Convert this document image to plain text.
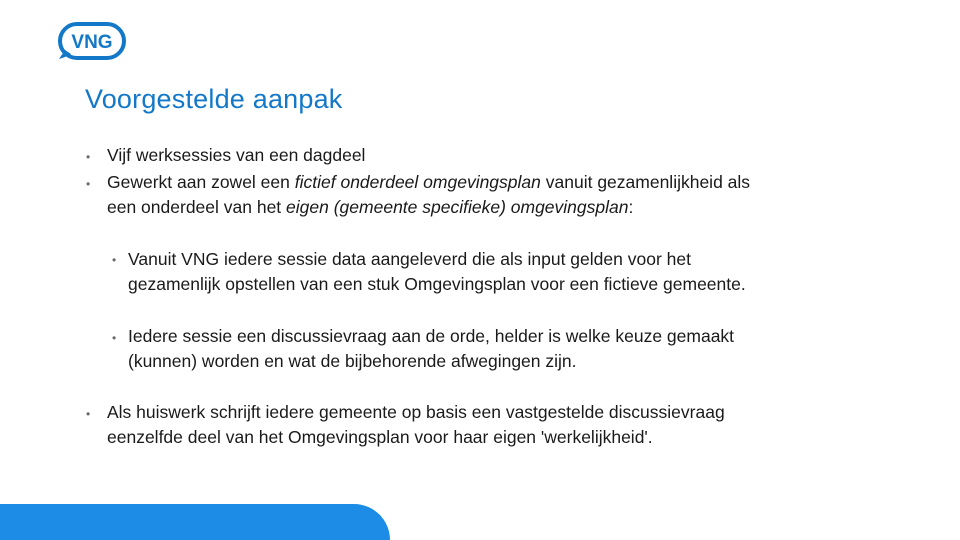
VNG
Voorgestelde aanpak
• Vijf werksessies van een dagdeel
• Gewerkt aan zowel een fictief onderdeel omgevingsplan vanuit gezamenlijkheid als
een onderdeel van het eigen (gemeente specifieke) omgevingsplan:
• Vanuit VNG iedere sessie data aangeleverd die als input gelden voor het
gezamenlijk opstellen van een stuk Omgevingsplan voor een fictieve gemeente.
• Iedere sessie een discussievraag aan de orde, helder is welke keuze gemaakt
(kunnen) worden en wat de bijbehorende afwegingen zijn.
• Als huiswerk schrijft iedere gemeente op basis een vastgestelde discussievraag
eenzelfde deel van het Omgevingsplan voor haar eigen 'werkelijkheid'.
